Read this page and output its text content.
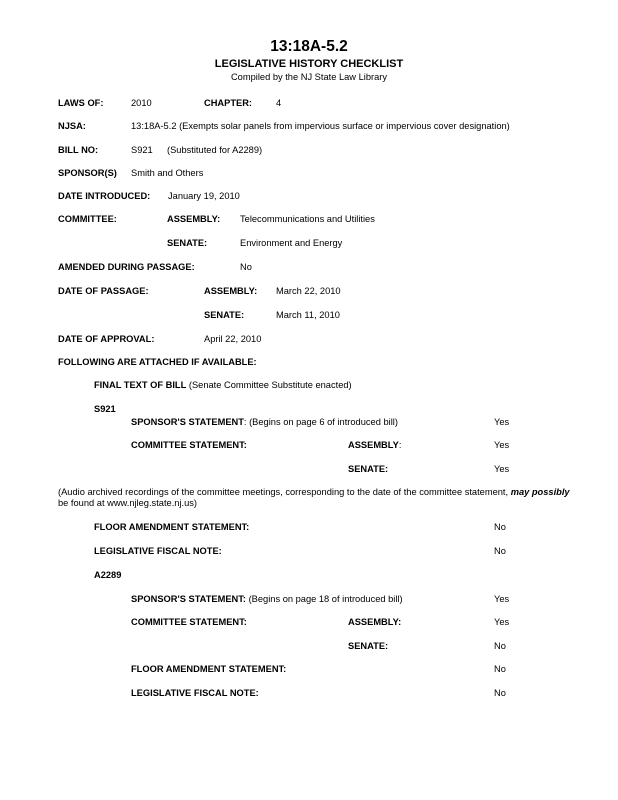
13:18A-5.2
LEGISLATIVE HISTORY CHECKLIST
Compiled by the NJ State Law Library
LAWS OF:	2010	CHAPTER:	4
NJSA:	13:18A-5.2 (Exempts solar panels from impervious surface or impervious cover designation)
BILL NO:	S921 (Substituted for A2289)
SPONSOR(S) Smith and Others
DATE INTRODUCED: January 19, 2010
COMMITTEE:	ASSEMBLY: Telecommunications and Utilities
SENATE:	Environment and Energy
AMENDED DURING PASSAGE:	No
DATE OF PASSAGE:	ASSEMBLY: March 22, 2010
SENATE:	March 11, 2010
DATE OF APPROVAL:	April 22, 2010
FOLLOWING ARE ATTACHED IF AVAILABLE:
FINAL TEXT OF BILL (Senate Committee Substitute enacted)
S921
SPONSOR'S STATEMENT: (Begins on page 6 of introduced bill)	Yes
COMMITTEE STATEMENT:	ASSEMBLY:	Yes
SENATE:	Yes
(Audio archived recordings of the committee meetings, corresponding to the date of the committee statement, may possibly be found at www.njleg.state.nj.us)
FLOOR AMENDMENT STATEMENT:	No
LEGISLATIVE FISCAL NOTE:	No
A2289
SPONSOR'S STATEMENT: (Begins on page 18 of introduced bill)	Yes
COMMITTEE STATEMENT:	ASSEMBLY:	Yes
SENATE:	No
FLOOR AMENDMENT STATEMENT:	No
LEGISLATIVE FISCAL NOTE:	No
